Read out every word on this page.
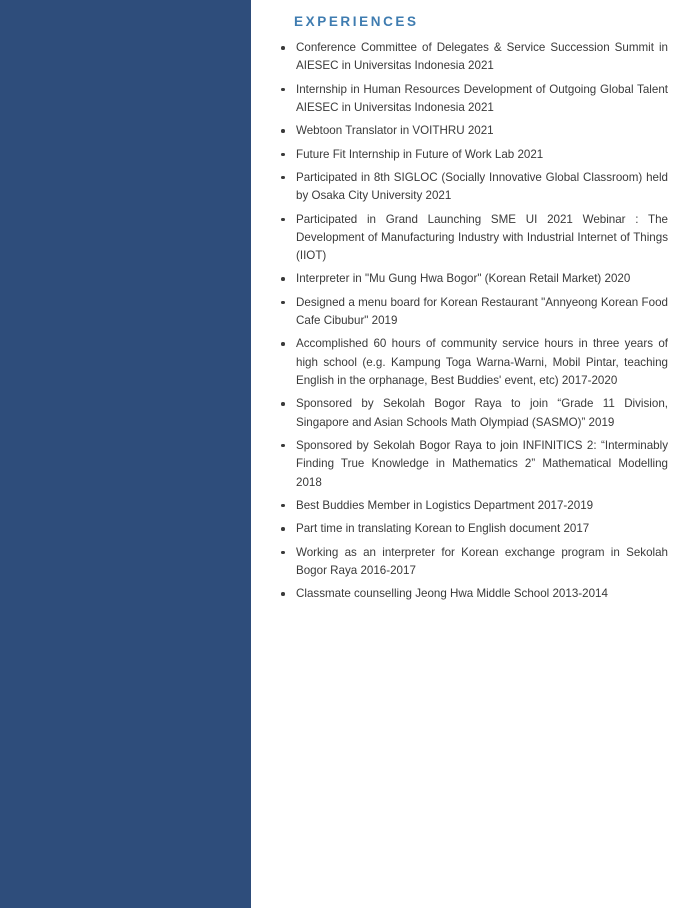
EXPERIENCES
Conference Committee of Delegates & Service Succession Summit in AIESEC in Universitas Indonesia 2021
Internship in Human Resources Development of Outgoing Global Talent AIESEC in Universitas Indonesia 2021
Webtoon Translator in VOITHRU 2021
Future Fit Internship in Future of Work Lab 2021
Participated in 8th SIGLOC (Socially Innovative Global Classroom) held by Osaka City University 2021
Participated in Grand Launching SME UI 2021 Webinar : The Development of Manufacturing Industry with Industrial Internet of Things (IIOT)
Interpreter in "Mu Gung Hwa Bogor" (Korean Retail Market) 2020
Designed a menu board for Korean Restaurant "Annyeong Korean Food Cafe Cibubur" 2019
Accomplished 60 hours of community service hours in three years of high school (e.g. Kampung Toga Warna-Warni, Mobil Pintar, teaching English in the orphanage, Best Buddies' event, etc) 2017-2020
Sponsored by Sekolah Bogor Raya to join “Grade 11 Division, Singapore and Asian Schools Math Olympiad (SASMO)” 2019
Sponsored by Sekolah Bogor Raya to join INFINITICS 2: “Interminably Finding True Knowledge in Mathematics 2” Mathematical Modelling 2018
Best Buddies Member in Logistics Department 2017-2019
Part time in translating Korean to English document 2017
Working as an interpreter for Korean exchange program in Sekolah Bogor Raya 2016-2017
Classmate counselling Jeong Hwa Middle School 2013-2014
